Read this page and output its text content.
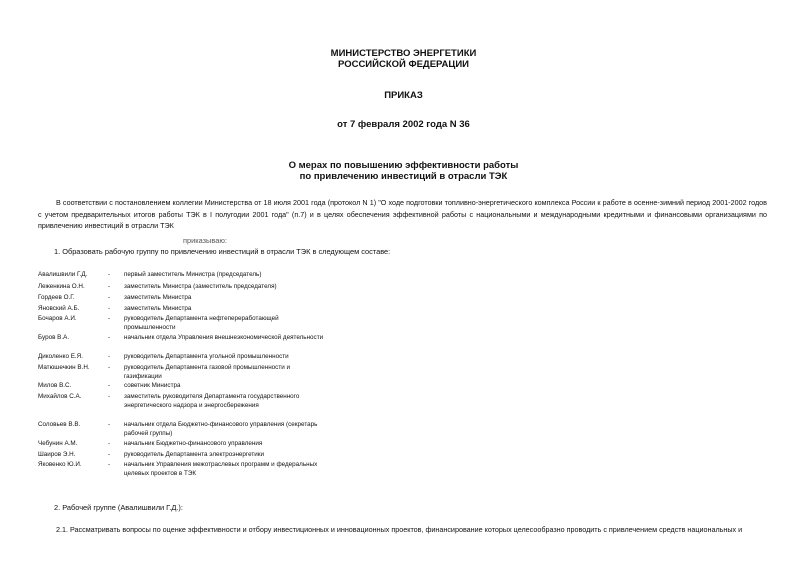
МИНИСТЕРСТВО ЭНЕРГЕТИКИ
РОССИЙСКОЙ ФЕДЕРАЦИИ
ПРИКАЗ
от 7 февраля 2002 года N 36
О мерах по повышению эффективности работы
по привлечению инвестиций в отрасли ТЭК
В соответствии с постановлением коллегии Министерства от 18 июля 2001 года (протокол N 1) "О ходе подготовки топливно-энергетического комплекса России к работе в осенне-зимний период 2001-2002 годов с учетом предварительных итогов работы ТЭК в I полугодии 2001 года" (п.7) и в целях обеспечения эффективной работы с национальными и международными кредитными и финансовыми организациями по привлечению инвестиций в отрасли ТЭК
приказываю:
1. Образовать рабочую группу по привлечению инвестиций в отрасли ТЭК в следующем составе:
Авалишвили Г.Д.	-	первый заместитель Министра (председатель)
Леженкина О.Н.	-	заместитель Министра (заместитель председателя)
Гордеев О.Г.	-	заместитель Министра
Яновский А.Б.	-	заместитель Министра
Бочаров А.И.	-	руководитель Департамента нефтепереработающей промышленности
Буров В.А.	-	начальник отдела Управления внешнеэкономической деятельности
Диколенко Е.Я.	-	руководитель Департамента угольной промышленности
Матюшечкин В.Н.	-	руководитель Департамента газовой промышленности и газификации
Милов В.С.	-	советник Министра
Михайлов С.А.	-	заместитель руководителя Департамента государственного энергетического надзора и энергосбережения
Соловьев В.В.	-	начальник отдела Бюджетно-финансового управления (секретарь рабочей группы)
Чебунин А.М.	-	начальник Бюджетно-финансового управления
Шаиров Э.Н.	-	руководитель Департамента электроэнергетики
Яковенко Ю.И.	-	начальник Управления межотраслевых программ и федеральных целевых проектов в ТЭК
2. Рабочей группе (Авалишвили Г.Д.):
2.1. Рассматривать вопросы по оценке эффективности и отбору инвестиционных и инновационных проектов, финансирование которых целесообразно проводить с привлечением средств национальных и
